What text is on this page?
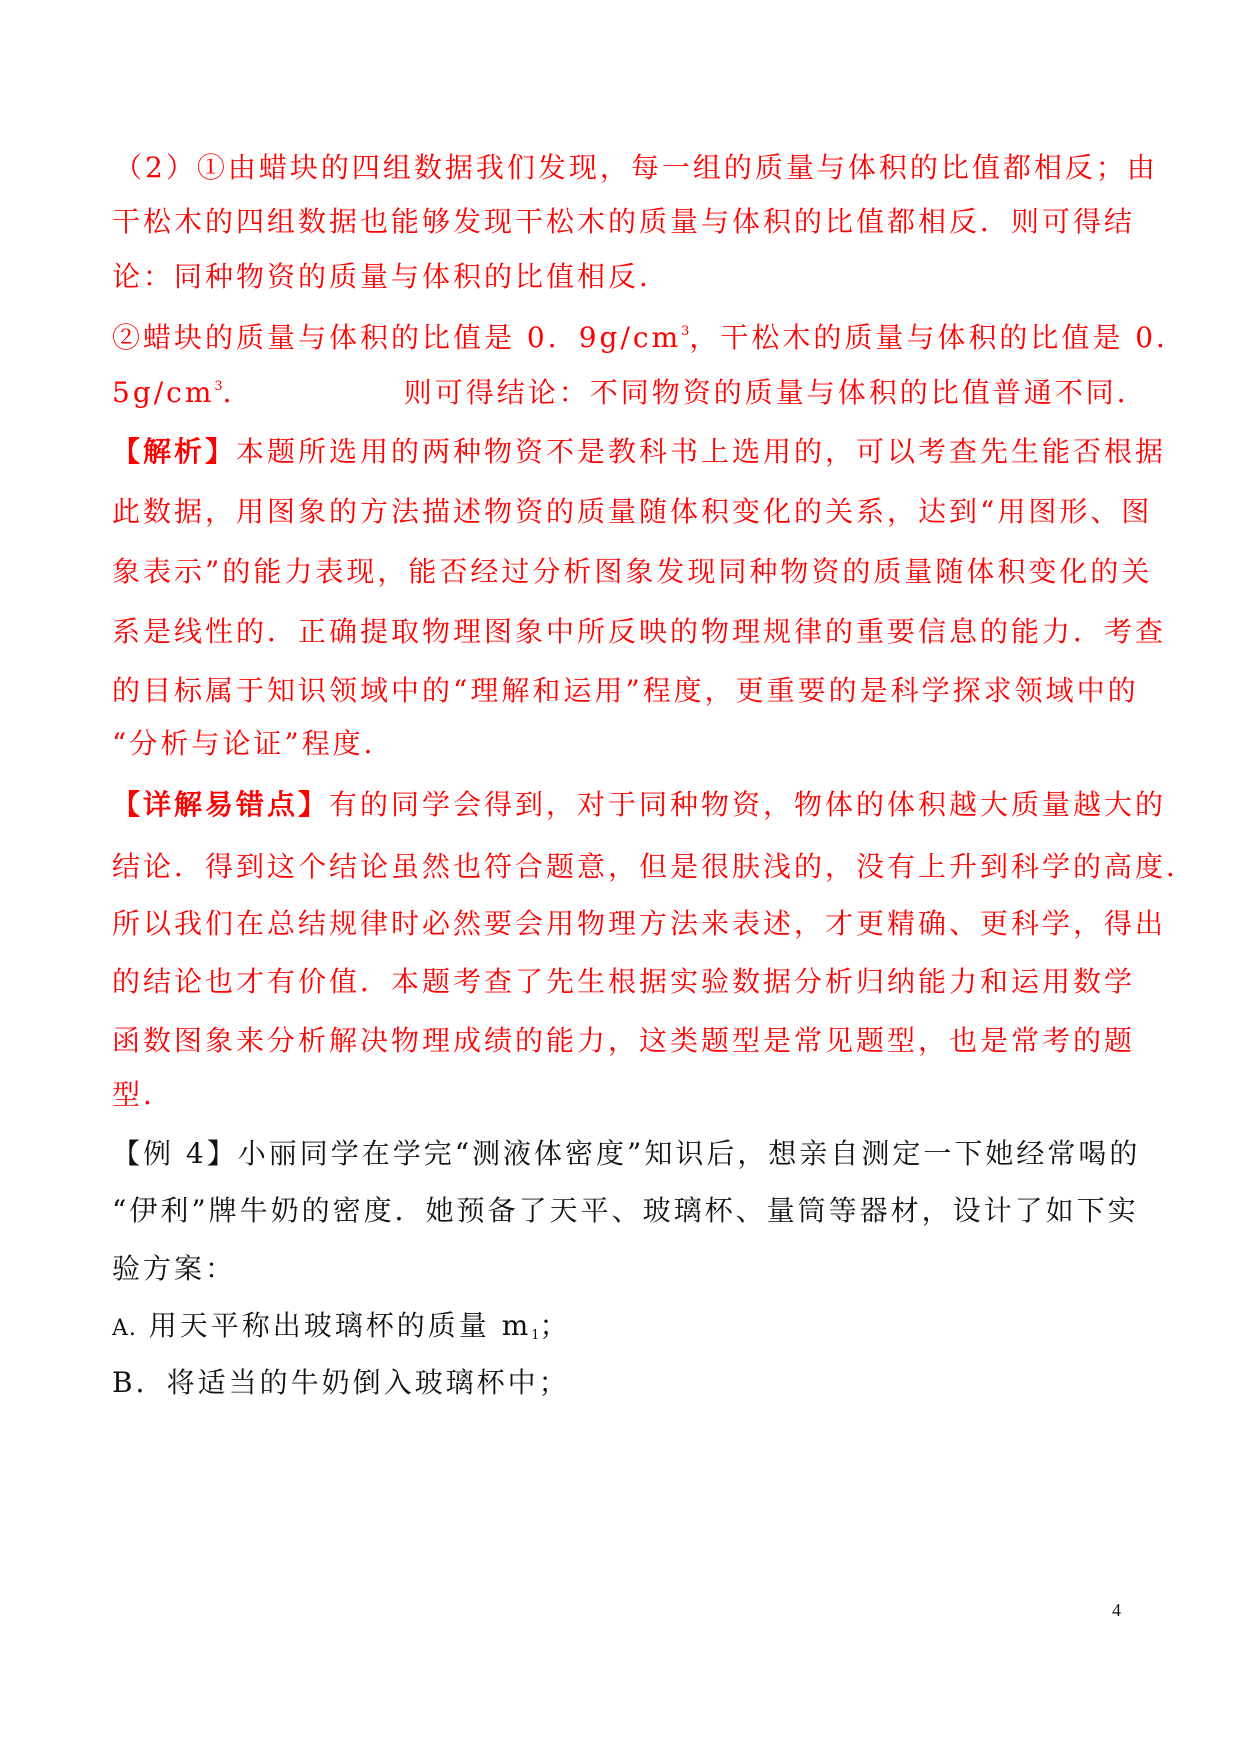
（2）①由蜡块的四组数据我们发现，每一组的质量与体积的比值都相反；由
干松木的四组数据也能够发现干松木的质量与体积的比值都相反．则可得结
论：同种物资的质量与体积的比值相反．
②蜡块的质量与体积的比值是 0．$9g/cm^3$，干松木的质量与体积的比值是 0．
$5g/cm^3$．	则可得结论：不同物资的质量与体积的比值普通不同．
【解析】本题所选用的两种物资不是教科书上选用的，可以考查先生能否根据
此数据，用图象的方法描述物资的质量随体积变化的关系，达到“用图形、图
象表示”的能力表现，能否经过分析图象发现同种物资的质量随体积变化的关
系是线性的．正确提取物理图象中所反映的物理规律的重要信息的能力．考查
的目标属于知识领域中的“理解和运用”程度，更重要的是科学探求领域中的
“分析与论证”程度．
【详解易错点】有的同学会得到，对于同种物资，物体的体积越大质量越大的
结论．得到这个结论虽然也符合题意，但是很肤浅的，没有上升到科学的高度．
所以我们在总结规律时必然要会用物理方法来表述，才更精确、更科学，得出
的结论也才有价值．本题考查了先生根据实验数据分析归纳能力和运用数学
函数图象来分析解决物理成绩的能力，这类题型是常见题型，也是常考的题
型．
【例 4】小丽同学在学完“测液体密度”知识后，想亲自测定一下她经常喝的
“伊利”牌牛奶的密度．她预备了天平、玻璃杯、量筒等器材，设计了如下实
验方案：
A. 用天平称出玻璃杯的质量 $m_1$；
B．将适当的牛奶倒入玻璃杯中；
4
